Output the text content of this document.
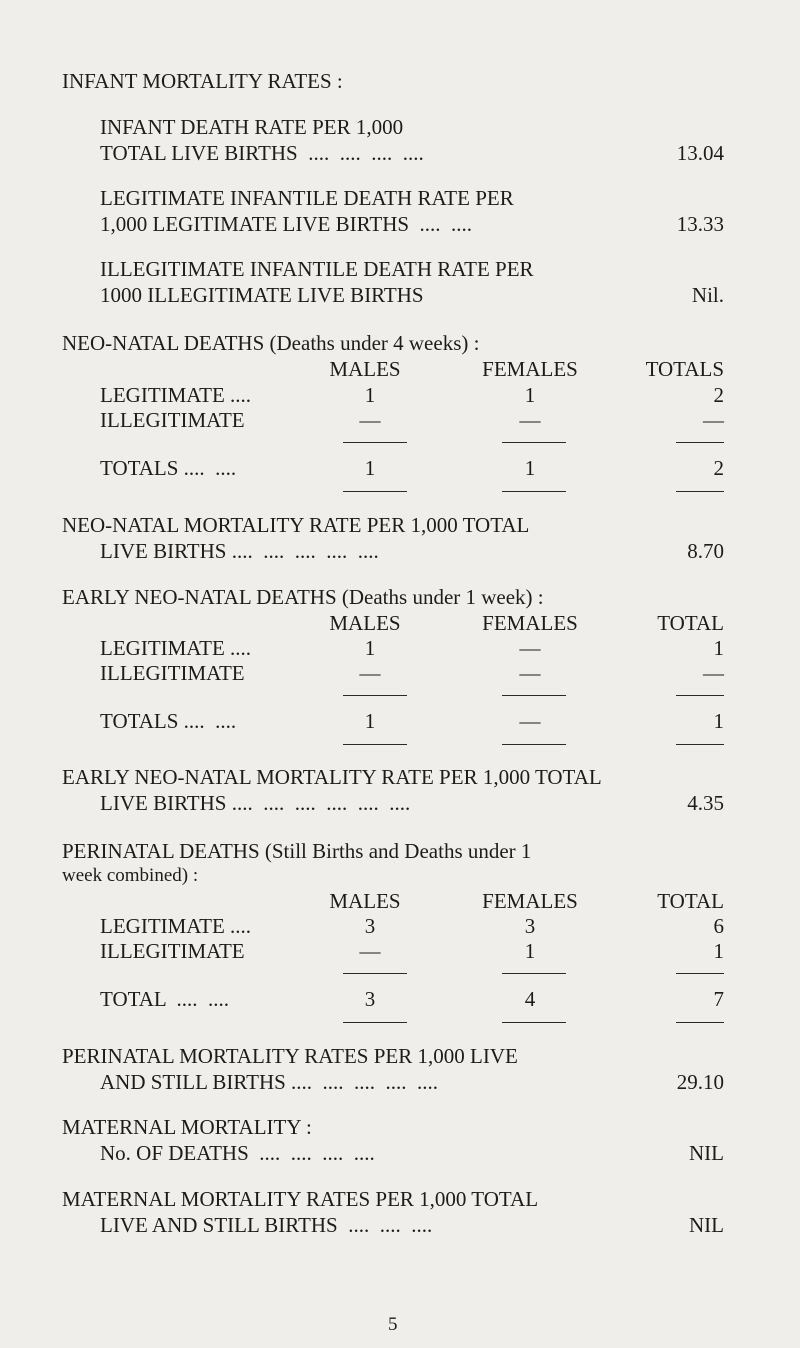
INFANT MORTALITY RATES :
INFANT DEATH RATE PER 1,000
TOTAL LIVE BIRTHS  ....  ....  ....  ....	13.04
LEGITIMATE INFANTILE DEATH RATE PER
1,000 LEGITIMATE LIVE BIRTHS  ....  ....	13.33
ILLEGITIMATE INFANTILE DEATH RATE PER
1000 ILLEGITIMATE LIVE BIRTHS	Nil.
NEO-NATAL DEATHS (Deaths under 4 weeks) :
MALES	FEMALES	TOTALS
LEGITIMATE ....	1	1	2
ILLEGITIMATE	—	—	—
TOTALS ....  ....	1	1	2
NEO-NATAL MORTALITY RATE PER 1,000 TOTAL
LIVE BIRTHS ....  ....  ....  ....  ....	8.70
EARLY NEO-NATAL DEATHS (Deaths under 1 week) :
MALES	FEMALES	TOTAL
LEGITIMATE ....	1	—	1
ILLEGITIMATE	—	—	—
TOTALS ....  ....	1	—	1
EARLY NEO-NATAL MORTALITY RATE PER 1,000 TOTAL
LIVE BIRTHS ....  ....  ....  ....  ....  ....	4.35
PERINATAL DEATHS (Still Births and Deaths under 1
week combined) :
MALES	FEMALES	TOTAL
LEGITIMATE ....	3	3	6
ILLEGITIMATE	—	1	1
TOTAL  ....  ....	3	4	7
PERINATAL MORTALITY RATES PER 1,000 LIVE
AND STILL BIRTHS ....  ....  ....  ....  ....	29.10
MATERNAL MORTALITY :
No. OF DEATHS  ....  ....  ....  ....	NIL
MATERNAL MORTALITY RATES PER 1,000 TOTAL
LIVE AND STILL BIRTHS  ....  ....  ....	NIL
5
